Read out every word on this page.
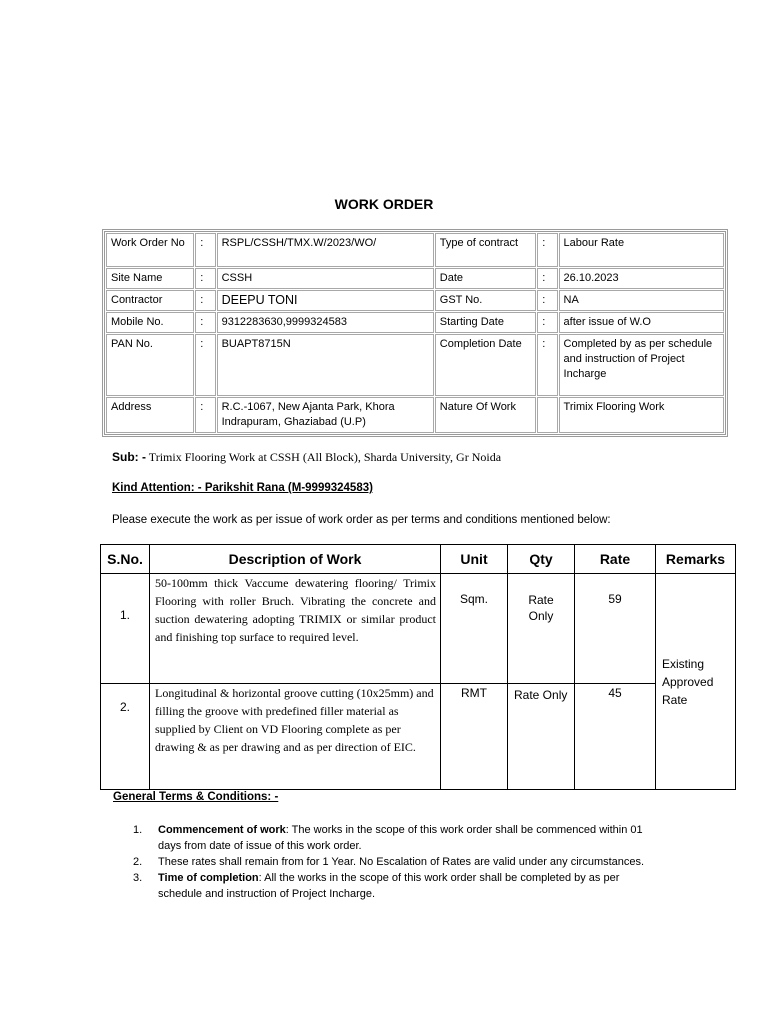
WORK ORDER
Work Order No	:	RSPL/CSSH/TMX.W/2023/WO/	Type of contract	:	Labour Rate
Site Name	:	CSSH	Date	:	26.10.2023
Contractor	:	DEEPU TONI	GST No.	:	NA
Mobile No.	:	9312283630,9999324583	Starting Date	:	after issue of W.O
PAN No.	:	BUAPT8715N	Completion Date	:	Completed by as per schedule and instruction of Project Incharge
Address	:	R.C.-1067, New Ajanta Park, Khora Indrapuram, Ghaziabad (U.P)	Nature Of Work		Trimix Flooring Work
Sub: - Trimix Flooring Work at CSSH (All Block), Sharda University, Gr Noida
Kind Attention: - Parikshit Rana (M-9999324583)
Please execute the work as per issue of work order as per terms and conditions mentioned below:
S.No.	Description of Work	Unit	Qty	Rate	Remarks
1.	50-100mm thick Vaccume dewatering flooring/ Trimix Flooring with roller Bruch. Vibrating the concrete and suction dewatering adopting TRIMIX or similar product and finishing top surface to required level.	Sqm.	Rate Only	59	Existing Approved Rate
2.	Longitudinal & horizontal groove cutting (10x25mm) and filling the groove with predefined filler material as supplied by Client on VD Flooring complete as per drawing & as per drawing and as per direction of EIC.	RMT	Rate Only	45	
General Terms & Conditions: -
1.	Commencement of work: The works in the scope of this work order shall be commenced within 01 days from date of issue of this work order.
2.	These rates shall remain from for 1 Year. No Escalation of Rates are valid under any circumstances.
3.	Time of completion: All the works in the scope of this work order shall be completed by as per schedule and instruction of Project Incharge.
